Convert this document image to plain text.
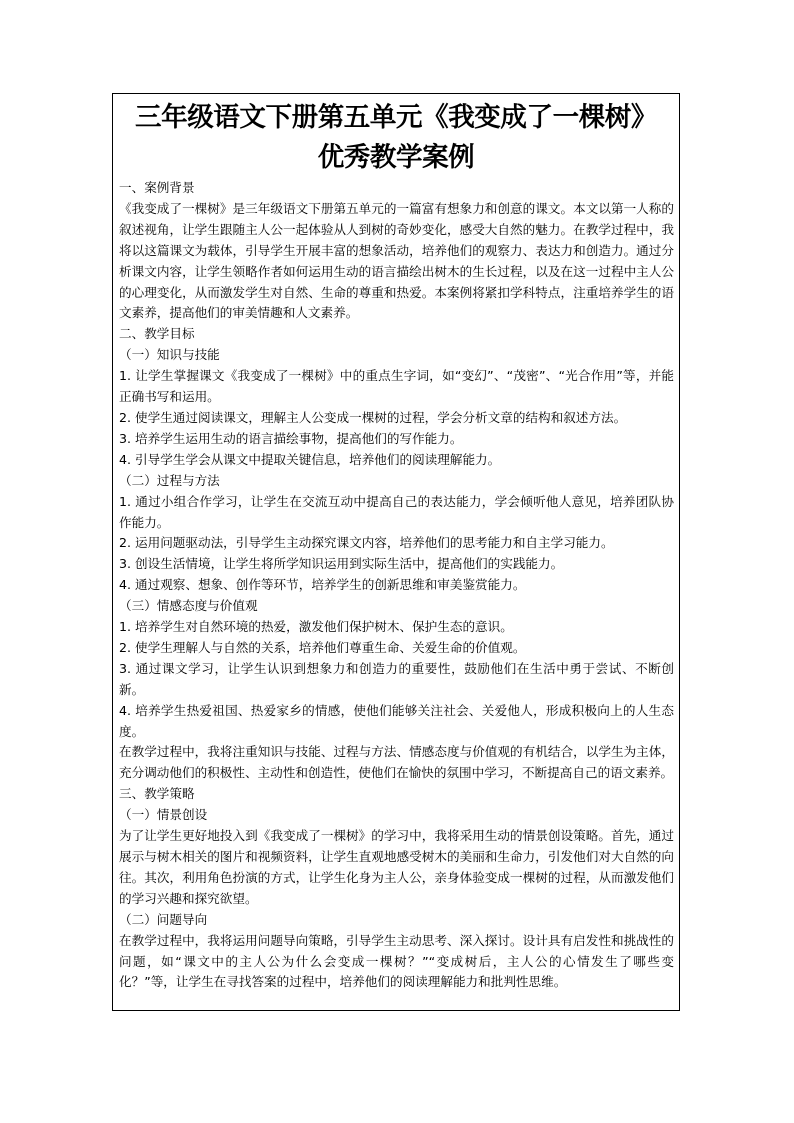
三年级语文下册第五单元《我变成了一棵树》
优秀教学案例

一、案例背景

《我变成了一棵树》是三年级语文下册第五单元的一篇富有想象力和创意的课文。本文以第一人称的叙述视角，让学生跟随主人公一起体验从人到树的奇妙变化，感受大自然的魅力。在教学过程中，我将以这篇课文为载体，引导学生开展丰富的想象活动，培养他们的观察力、表达力和创造力。通过分析课文内容，让学生领略作者如何运用生动的语言描绘出树木的生长过程，以及在这一过程中主人公的心理变化，从而激发学生对自然、生命的尊重和热爱。本案例将紧扣学科特点，注重培养学生的语文素养，提高他们的审美情趣和人文素养。

二、教学目标

（一）知识与技能

1. 让学生掌握课文《我变成了一棵树》中的重点生字词，如“变幻”、“茂密”、“光合作用”等，并能正确书写和运用。

2. 使学生通过阅读课文，理解主人公变成一棵树的过程，学会分析文章的结构和叙述方法。

3. 培养学生运用生动的语言描绘事物，提高他们的写作能力。

4. 引导学生学会从课文中提取关键信息，培养他们的阅读理解能力。

（二）过程与方法

1. 通过小组合作学习，让学生在交流互动中提高自己的表达能力，学会倾听他人意见，培养团队协作能力。

2. 运用问题驱动法，引导学生主动探究课文内容，培养他们的思考能力和自主学习能力。

3. 创设生活情境，让学生将所学知识运用到实际生活中，提高他们的实践能力。

4. 通过观察、想象、创作等环节，培养学生的创新思维和审美鉴赏能力。

（三）情感态度与价值观

1. 培养学生对自然环境的热爱，激发他们保护树木、保护生态的意识。

2. 使学生理解人与自然的关系，培养他们尊重生命、关爱生命的价值观。

3. 通过课文学习，让学生认识到想象力和创造力的重要性，鼓励他们在生活中勇于尝试、不断创新。

4. 培养学生热爱祖国、热爱家乡的情感，使他们能够关注社会、关爱他人，形成积极向上的人生态度。

在教学过程中，我将注重知识与技能、过程与方法、情感态度与价值观的有机结合，以学生为主体，充分调动他们的积极性、主动性和创造性，使他们在愉快的氛围中学习，不断提高自己的语文素养。

三、教学策略

（一）情景创设

为了让学生更好地投入到《我变成了一棵树》的学习中，我将采用生动的情景创设策略。首先，通过展示与树木相关的图片和视频资料，让学生直观地感受树木的美丽和生命力，引发他们对大自然的向往。其次，利用角色扮演的方式，让学生化身为主人公，亲身体验变成一棵树的过程，从而激发他们的学习兴趣和探究欲望。

（二）问题导向

在教学过程中，我将运用问题导向策略，引导学生主动思考、深入探讨。设计具有启发性和挑战性的问题，如“课文中的主人公为什么会变成一棵树？”“变成树后，主人公的心情发生了哪些变化？”等，让学生在寻找答案的过程中，培养他们的阅读理解能力和批判性思维。
